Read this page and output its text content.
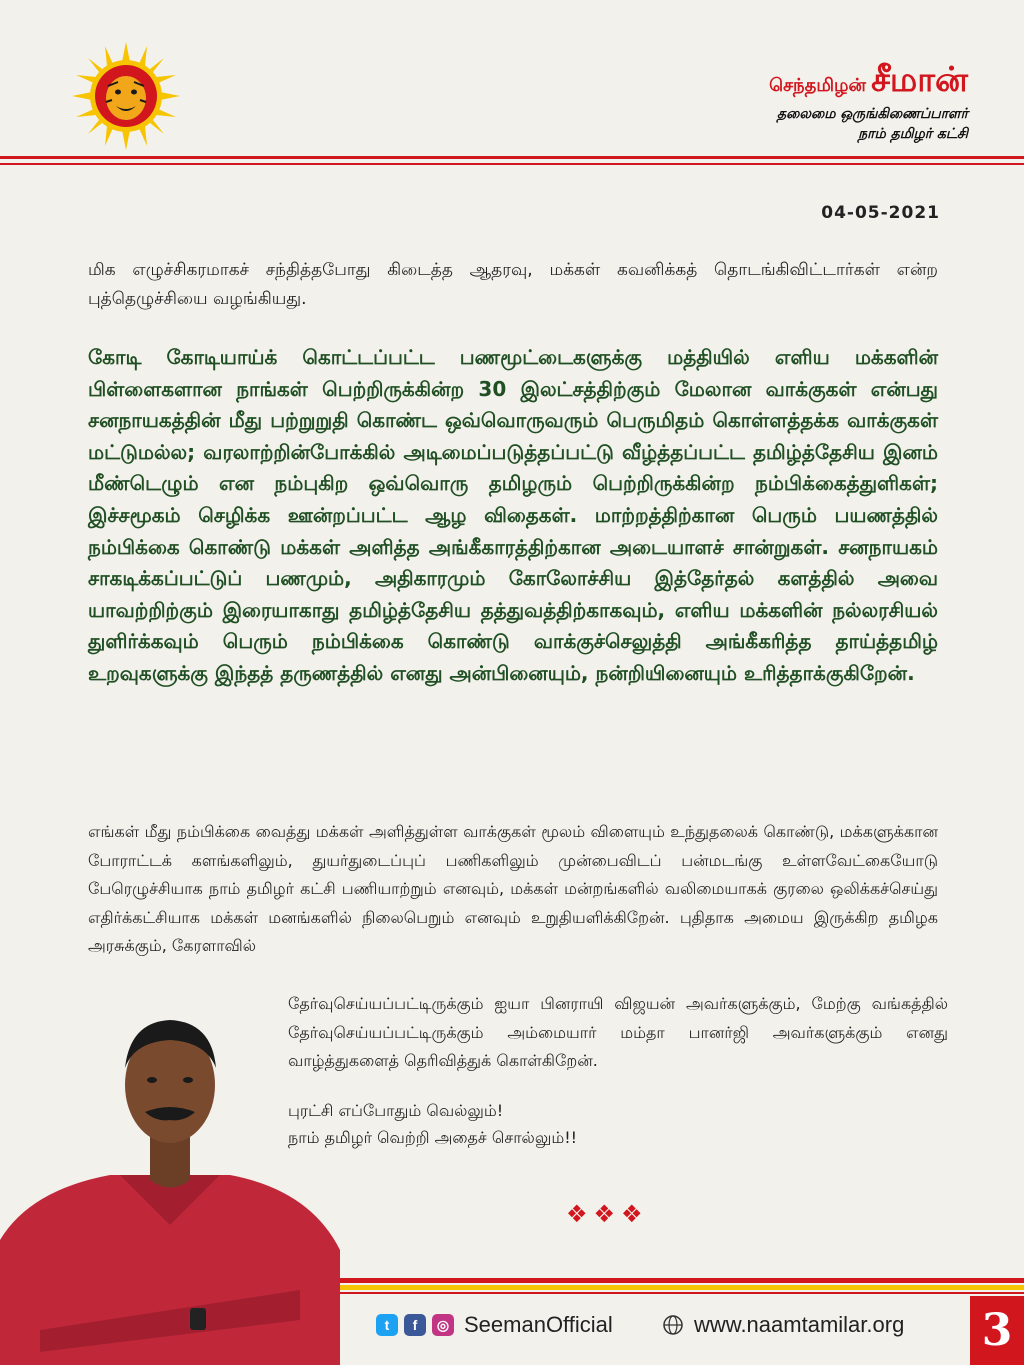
செந்தமிழன் சீமான்
தலைமை ஒருங்கிணைப்பாளர்
நாம் தமிழர் கட்சி
04-05-2021

மிக எழுச்சிகரமாகச் சந்தித்தபோது கிடைத்த ஆதரவு, மக்கள் கவனிக்கத் தொடங்கிவிட்டார்கள் என்ற புத்தெழுச்சியை வழங்கியது.

கோடி கோடியாய்க் கொட்டப்பட்ட பணமூட்டைகளுக்கு மத்தியில் எளிய மக்களின் பிள்ளைகளான நாங்கள் பெற்றிருக்கின்ற 30 இலட்சத்திற்கும் மேலான வாக்குகள் என்பது சனநாயகத்தின் மீது பற்றுறுதி கொண்ட ஒவ்வொருவரும் பெருமிதம் கொள்ளத்தக்க வாக்குகள் மட்டுமல்ல; வரலாற்றின்போக்கில் அடிமைப்படுத்தப்பட்டு வீழ்த்தப்பட்ட தமிழ்த்தேசிய இனம் மீண்டெழும் என நம்புகிற ஒவ்வொரு தமிழரும் பெற்றிருக்கின்ற நம்பிக்கைத்துளிகள்; இச்சமூகம் செழிக்க ஊன்றப்பட்ட ஆழ விதைகள். மாற்றத்திற்கான பெரும் பயணத்தில் நம்பிக்கை கொண்டு மக்கள் அளித்த அங்கீகாரத்திற்கான அடையாளச் சான்றுகள். சனநாயகம் சாகடிக்கப்பட்டுப் பணமும், அதிகாரமும் கோலோச்சிய இத்தேர்தல் களத்தில் அவை யாவற்றிற்கும் இரையாகாது தமிழ்த்தேசிய தத்துவத்திற்காகவும், எளிய மக்களின் நல்லரசியல் துளிர்க்கவும் பெரும் நம்பிக்கை கொண்டு வாக்குச்செலுத்தி அங்கீகரித்த தாய்த்தமிழ் உறவுகளுக்கு இந்தத் தருணத்தில் எனது அன்பினையும், நன்றியினையும் உரித்தாக்குகிறேன்.

எங்கள் மீது நம்பிக்கை வைத்து மக்கள் அளித்துள்ள வாக்குகள் மூலம் விளையும் உந்துதலைக் கொண்டு, மக்களுக்கான போராட்டக் களங்களிலும், துயர்துடைப்புப் பணிகளிலும் முன்பைவிடப் பன்மடங்கு உள்ளவேட்கையோடு பேரெழுச்சியாக நாம் தமிழர் கட்சி பணியாற்றும் எனவும், மக்கள் மன்றங்களில் வலிமையாகக் குரலை ஒலிக்கச்செய்து எதிர்க்கட்சியாக மக்கள் மனங்களில் நிலைபெறும் எனவும் உறுதியளிக்கிறேன். புதிதாக அமைய இருக்கிற தமிழக அரசுக்கும், கேரளாவில்

தேர்வுசெய்யப்பட்டிருக்கும் ஐயா பினராயி விஜயன் அவர்களுக்கும், மேற்கு வங்கத்தில் தேர்வுசெய்யப்பட்டிருக்கும் அம்மையார் மம்தா பானர்ஜி அவர்களுக்கும் எனது வாழ்த்துகளைத் தெரிவித்துக் கொள்கிறேன்.

புரட்சி எப்போதும் வெல்லும்!
நாம் தமிழர் வெற்றி அதைச் சொல்லும்!!
❖❖❖
t	f	◎ SeemanOfficial	www.naamtamilar.org 3
